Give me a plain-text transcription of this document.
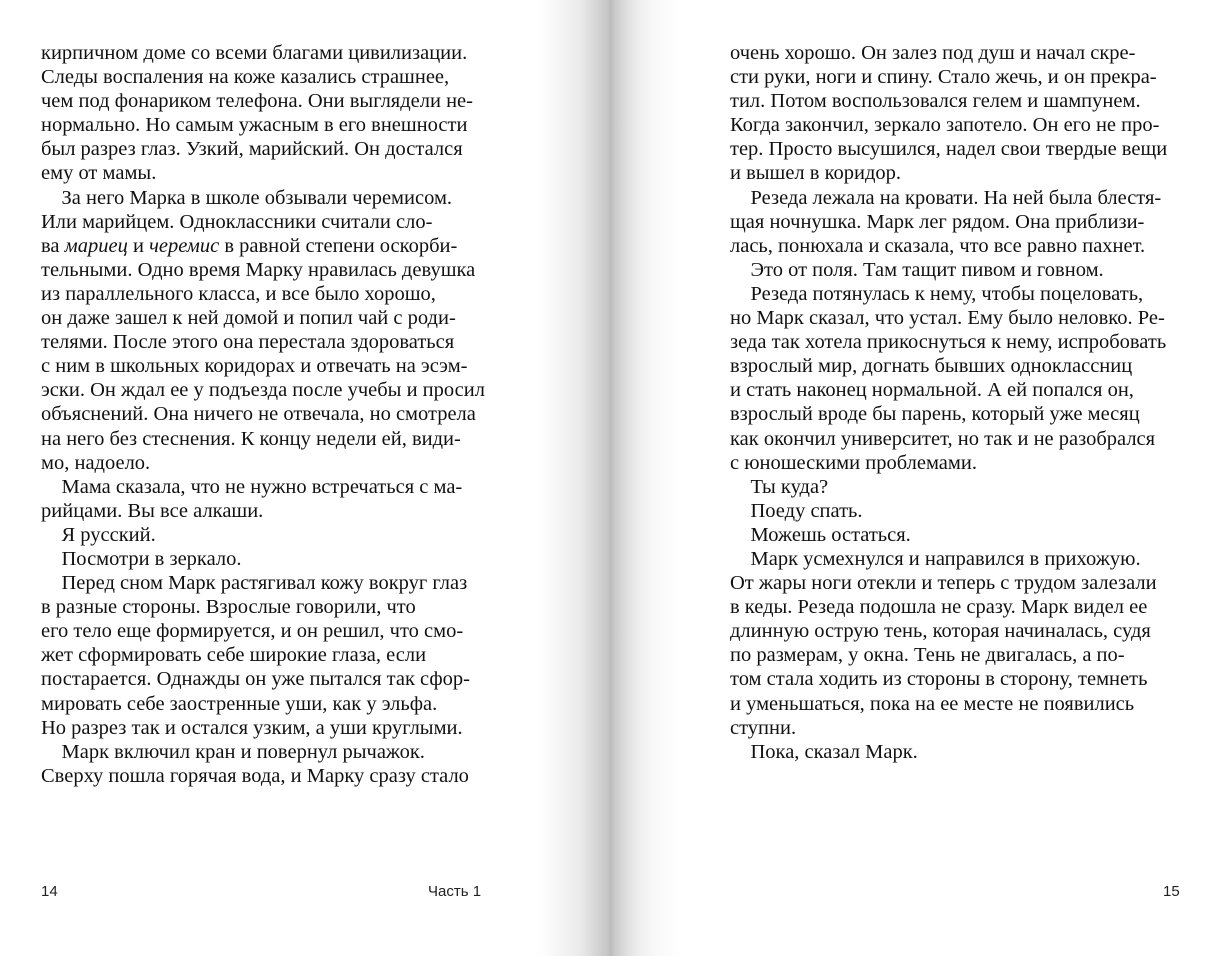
кирпичном доме со всеми благами цивилизации.
Следы воспаления на коже казались страшнее,
чем под фонариком телефона. Они выглядели не-
нормально. Но самым ужасным в его внешности
был разрез глаз. Узкий, марийский. Он достался
ему от мамы.
За него Марка в школе обзывали черемисом.
Или марийцем. Одноклассники считали сло-
ва мариец и черемис в равной степени оскорби-
тельными. Одно время Марку нравилась девушка
из параллельного класса, и все было хорошо,
он даже зашел к ней домой и попил чай с роди-
телями. После этого она перестала здороваться
с ним в школьных коридорах и отвечать на эсэм-
эски. Он ждал ее у подъезда после учебы и просил
объяснений. Она ничего не отвечала, но смотрела
на него без стеснения. К концу недели ей, види-
мо, надоело.
Мама сказала, что не нужно встречаться с ма-
рийцами. Вы все алкаши.
Я русский.
Посмотри в зеркало.
Перед сном Марк растягивал кожу вокруг глаз
в разные стороны. Взрослые говорили, что
его тело еще формируется, и он решил, что смо-
жет сформировать себе широкие глаза, если
постарается. Однажды он уже пытался так сфор-
мировать себе заостренные уши, как у эльфа.
Но разрез так и остался узким, а уши круглыми.
Марк включил кран и повернул рычажок.
Сверху пошла горячая вода, и Марку сразу стало
14	Часть 1
очень хорошо. Он залез под душ и начал скре-
сти руки, ноги и спину. Стало жечь, и он прекра-
тил. Потом воспользовался гелем и шампунем.
Когда закончил, зеркало запотело. Он его не про-
тер. Просто высушился, надел свои твердые вещи
и вышел в коридор.
Резеда лежала на кровати. На ней была блестя-
щая ночнушка. Марк лег рядом. Она приблизи-
лась, понюхала и сказала, что все равно пахнет.
Это от поля. Там тащит пивом и говном.
Резеда потянулась к нему, чтобы поцеловать,
но Марк сказал, что устал. Ему было неловко. Ре-
зеда так хотела прикоснуться к нему, испробовать
взрослый мир, догнать бывших одноклассниц
и стать наконец нормальной. А ей попался он,
взрослый вроде бы парень, который уже месяц
как окончил университет, но так и не разобрался
с юношескими проблемами.
Ты куда?
Поеду спать.
Можешь остаться.
Марк усмехнулся и направился в прихожую.
От жары ноги отекли и теперь с трудом залезали
в кеды. Резеда подошла не сразу. Марк видел ее
длинную острую тень, которая начиналась, судя
по размерам, у окна. Тень не двигалась, а по-
том стала ходить из стороны в сторону, темнеть
и уменьшаться, пока на ее месте не появились
ступни.
Пока, сказал Марк.
15
